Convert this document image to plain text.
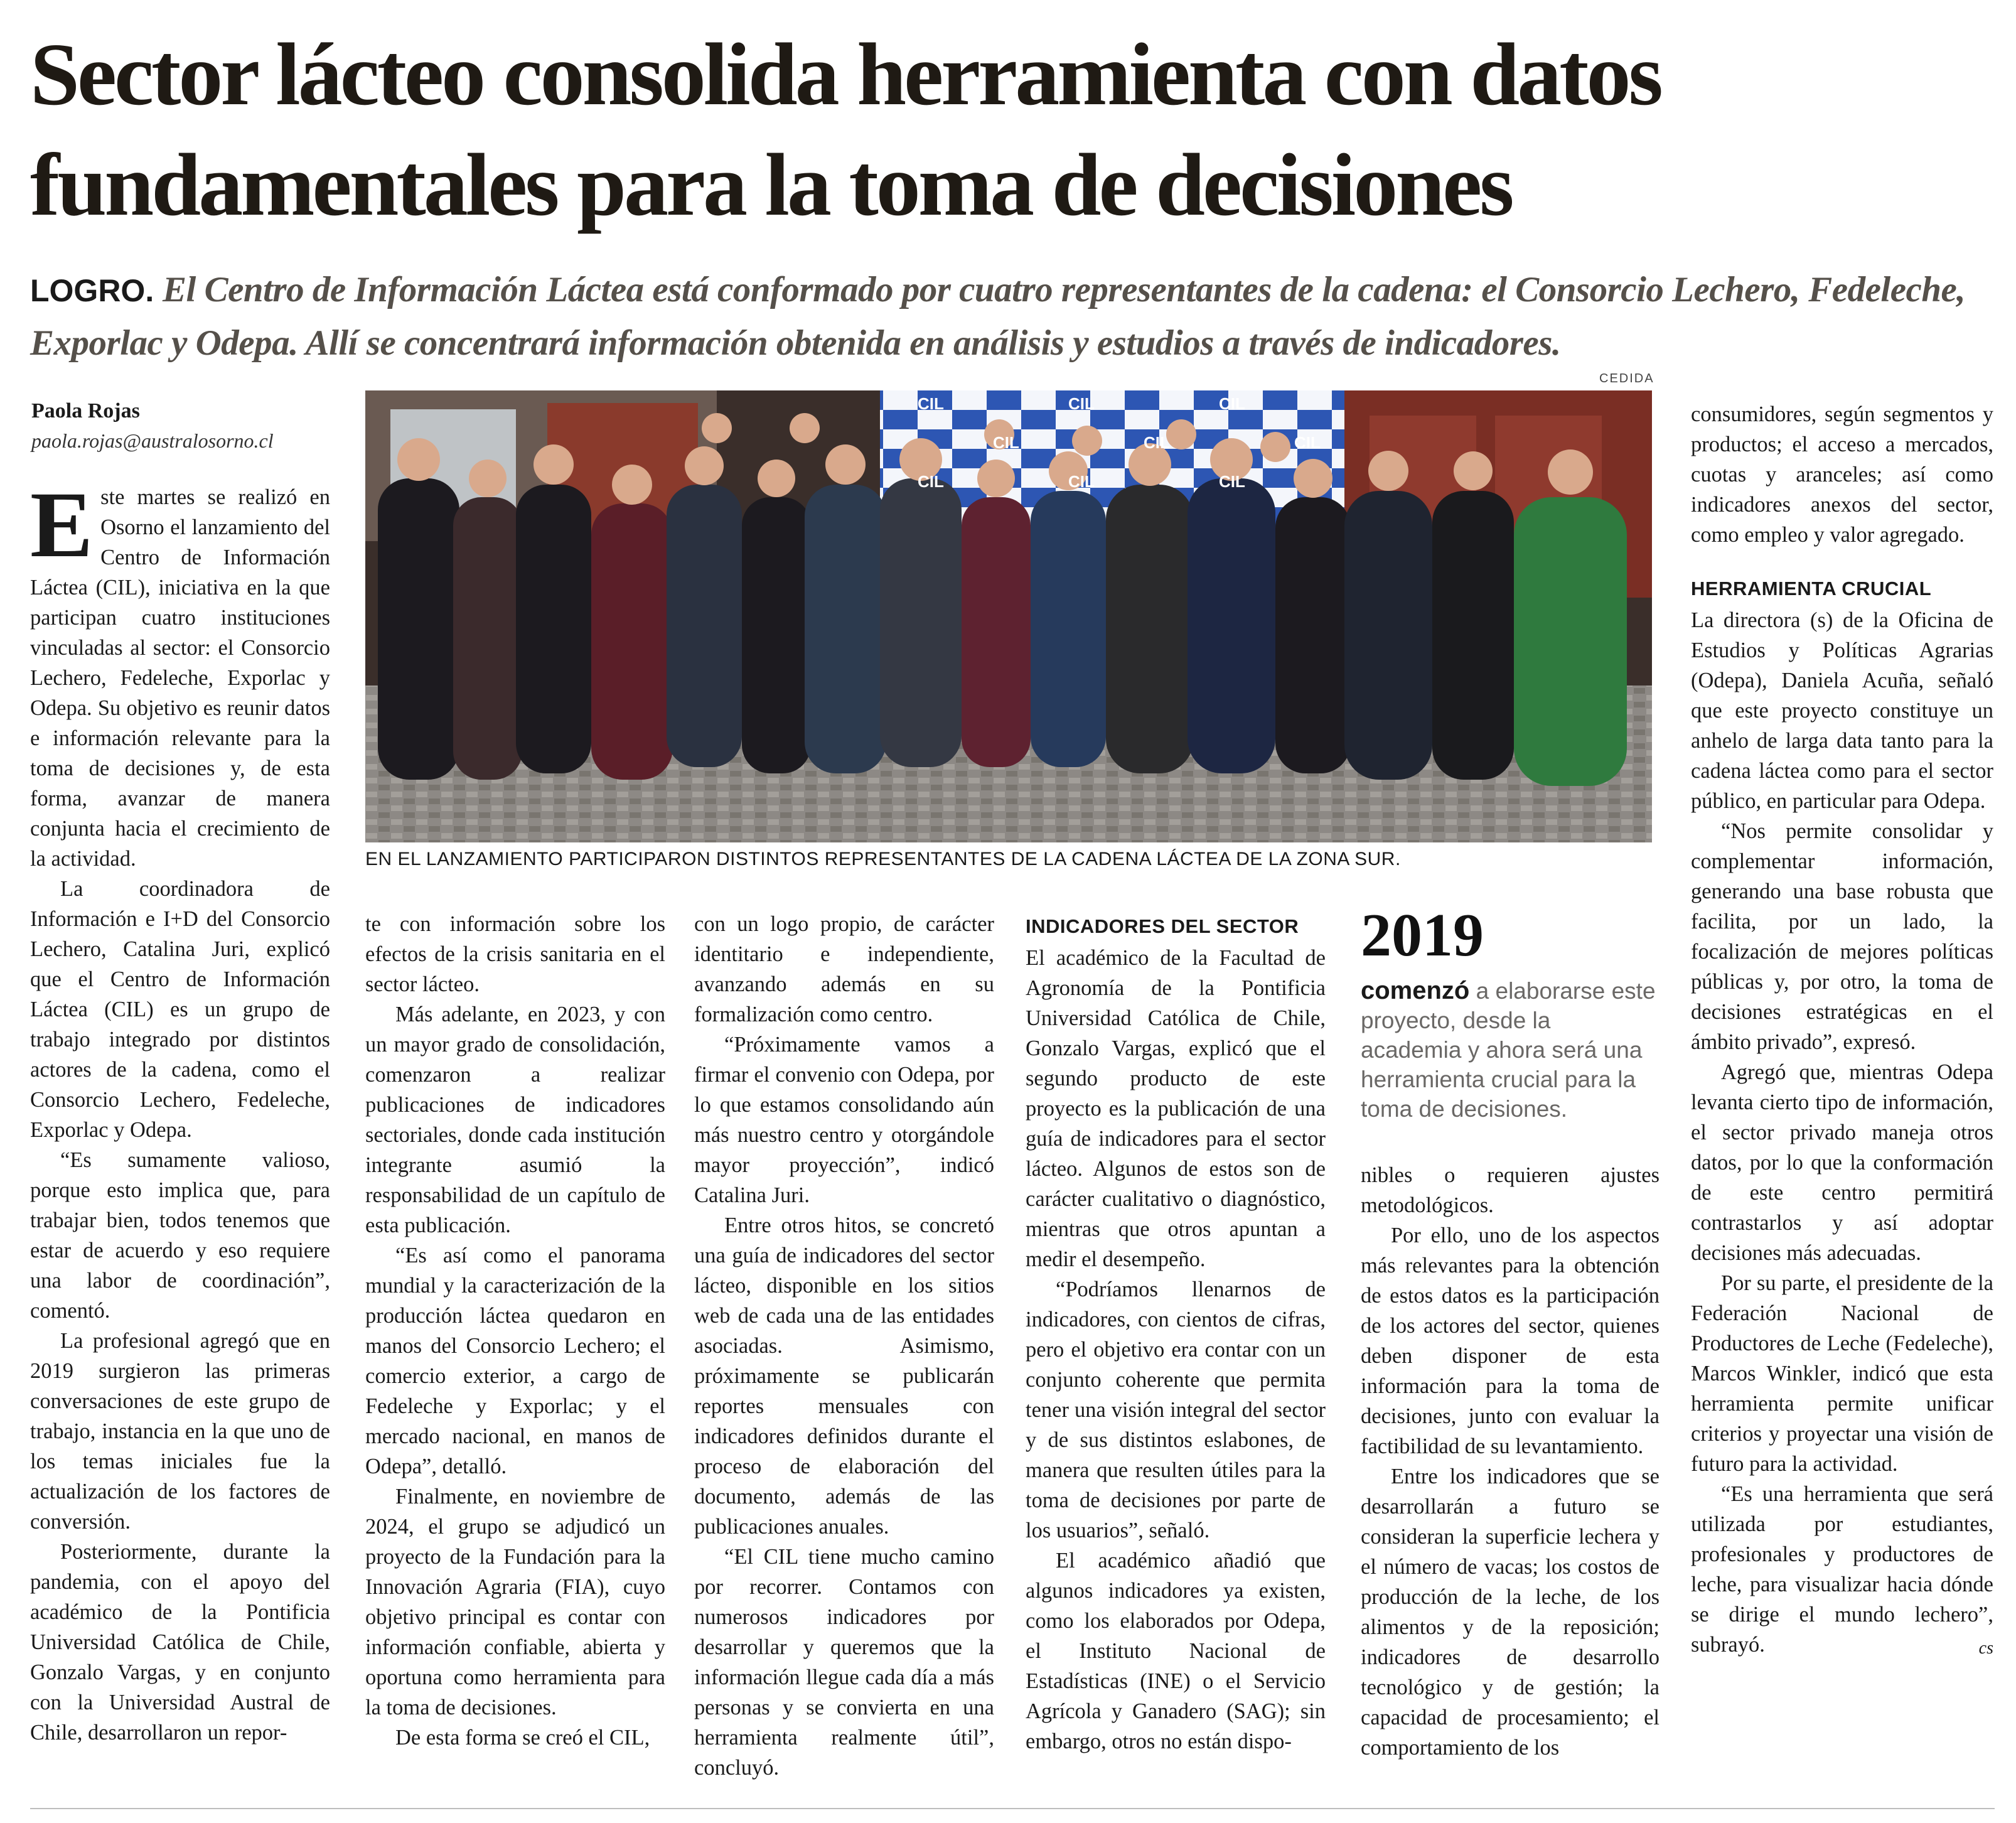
Sector lácteo consolida herramienta con datos fundamentales para la toma de decisiones

LOGRO. El Centro de Información Láctea está conformado por cuatro representantes de la cadena: el Consorcio Lechero, Fedeleche, Exporlac y Odepa. Allí se concentrará información obtenida en análisis y estudios a través de indicadores.

Paola Rojas
paola.rojas@australosorno.cl
CEDIDA
CIL	CIL	CIL
CIL	CIL	CIL
CIL	CIL	CIL
EN EL LANZAMIENTO PARTICIPARON DISTINTOS REPRESENTANTES DE LA CADENA LÁCTEA DE LA ZONA SUR.

Este martes se realizó en Osorno el lanzamiento del Centro de Información Láctea (CIL), iniciativa en la que participan cuatro instituciones vinculadas al sector: el Consorcio Lechero, Fedeleche, Exporlac y Odepa. Su objetivo es reunir datos e información relevante para la toma de decisiones y, de esta forma, avanzar de manera conjunta hacia el crecimiento de la actividad.

La coordinadora de Información e I+D del Consorcio Lechero, Catalina Juri, explicó que el Centro de Información Láctea (CIL) es un grupo de trabajo integrado por distintos actores de la cadena, como el Consorcio Lechero, Fedeleche, Exporlac y Odepa.

“Es sumamente valioso, porque esto implica que, para trabajar bien, todos tenemos que estar de acuerdo y eso requiere una labor de coordinación”, comentó.

La profesional agregó que en 2019 surgieron las primeras conversaciones de este grupo de trabajo, instancia en la que uno de los temas iniciales fue la actualización de los factores de conversión.

Posteriormente, durante la pandemia, con el apoyo del académico de la Pontificia Universidad Católica de Chile, Gonzalo Vargas, y en conjunto con la Universidad Austral de Chile, desarrollaron un repor-

te con información sobre los efectos de la crisis sanitaria en el sector lácteo.

Más adelante, en 2023, y con un mayor grado de consolidación, comenzaron a realizar publicaciones de indicadores sectoriales, donde cada institución integrante asumió la responsabilidad de un capítulo de esta publicación.

“Es así como el panorama mundial y la caracterización de la producción láctea quedaron en manos del Consorcio Lechero; el comercio exterior, a cargo de Fedeleche y Exporlac; y el mercado nacional, en manos de Odepa”, detalló.

Finalmente, en noviembre de 2024, el grupo se adjudicó un proyecto de la Fundación para la Innovación Agraria (FIA), cuyo objetivo principal es contar con información confiable, abierta y oportuna como herramienta para la toma de decisiones.

De esta forma se creó el CIL,

con un logo propio, de carácter identitario e independiente, avanzando además en su formalización como centro.

“Próximamente vamos a firmar el convenio con Odepa, por lo que estamos consolidando aún más nuestro centro y otorgándole mayor proyección”, indicó Catalina Juri.

Entre otros hitos, se concretó una guía de indicadores del sector lácteo, disponible en los sitios web de cada una de las entidades asociadas. Asimismo, próximamente se publicarán reportes mensuales con indicadores definidos durante el proceso de elaboración del documento, además de las publicaciones anuales.

“El CIL tiene mucho camino por recorrer. Contamos con numerosos indicadores por desarrollar y queremos que la información llegue cada día a más personas y se convierta en una herramienta realmente útil”, concluyó.

INDICADORES DEL SECTOR

El académico de la Facultad de Agronomía de la Pontificia Universidad Católica de Chile, Gonzalo Vargas, explicó que el segundo producto de este proyecto es la publicación de una guía de indicadores para el sector lácteo. Algunos de estos son de carácter cualitativo o diagnóstico, mientras que otros apuntan a medir el desempeño.

“Podríamos llenarnos de indicadores, con cientos de cifras, pero el objetivo era contar con un conjunto coherente que permita tener una visión integral del sector y de sus distintos eslabones, de manera que resulten útiles para la toma de decisiones por parte de los usuarios”, señaló.

El académico añadió que algunos indicadores ya existen, como los elaborados por Odepa, el Instituto Nacional de Estadísticas (INE) o el Servicio Agrícola y Ganadero (SAG); sin embargo, otros no están dispo-

2019
comenzó a elaborarse este proyecto, desde la academia y ahora será una herramienta crucial para la toma de decisiones.

nibles o requieren ajustes metodológicos.

Por ello, uno de los aspectos más relevantes para la obtención de estos datos es la participación de los actores del sector, quienes deben disponer de esta información para la toma de decisiones, junto con evaluar la factibilidad de su levantamiento.

Entre los indicadores que se desarrollarán a futuro se consideran la superficie lechera y el número de vacas; los costos de producción de la leche, de los alimentos y de la reposición; indicadores de desarrollo tecnológico y de gestión; la capacidad de procesamiento; el comportamiento de los

consumidores, según segmentos y productos; el acceso a mercados, cuotas y aranceles; así como indicadores anexos del sector, como empleo y valor agregado.

HERRAMIENTA CRUCIAL

La directora (s) de la Oficina de Estudios y Políticas Agrarias (Odepa), Daniela Acuña, señaló que este proyecto constituye un anhelo de larga data tanto para la cadena láctea como para el sector público, en particular para Odepa.

“Nos permite consolidar y complementar información, generando una base robusta que facilita, por un lado, la focalización de mejores políticas públicas y, por otro, la toma de decisiones estratégicas en el ámbito privado”, expresó.

Agregó que, mientras Odepa levanta cierto tipo de información, el sector privado maneja otros datos, por lo que la conformación de este centro permitirá contrastarlos y así adoptar decisiones más adecuadas.

Por su parte, el presidente de la Federación Nacional de Productores de Leche (Fedeleche), Marcos Winkler, indicó que esta herramienta permite unificar criterios y proyectar una visión de futuro para la actividad.

“Es una herramienta que será utilizada por estudiantes, profesionales y productores de leche, para visualizar hacia dónde se dirige el mundo lechero”, subrayó.	cs
